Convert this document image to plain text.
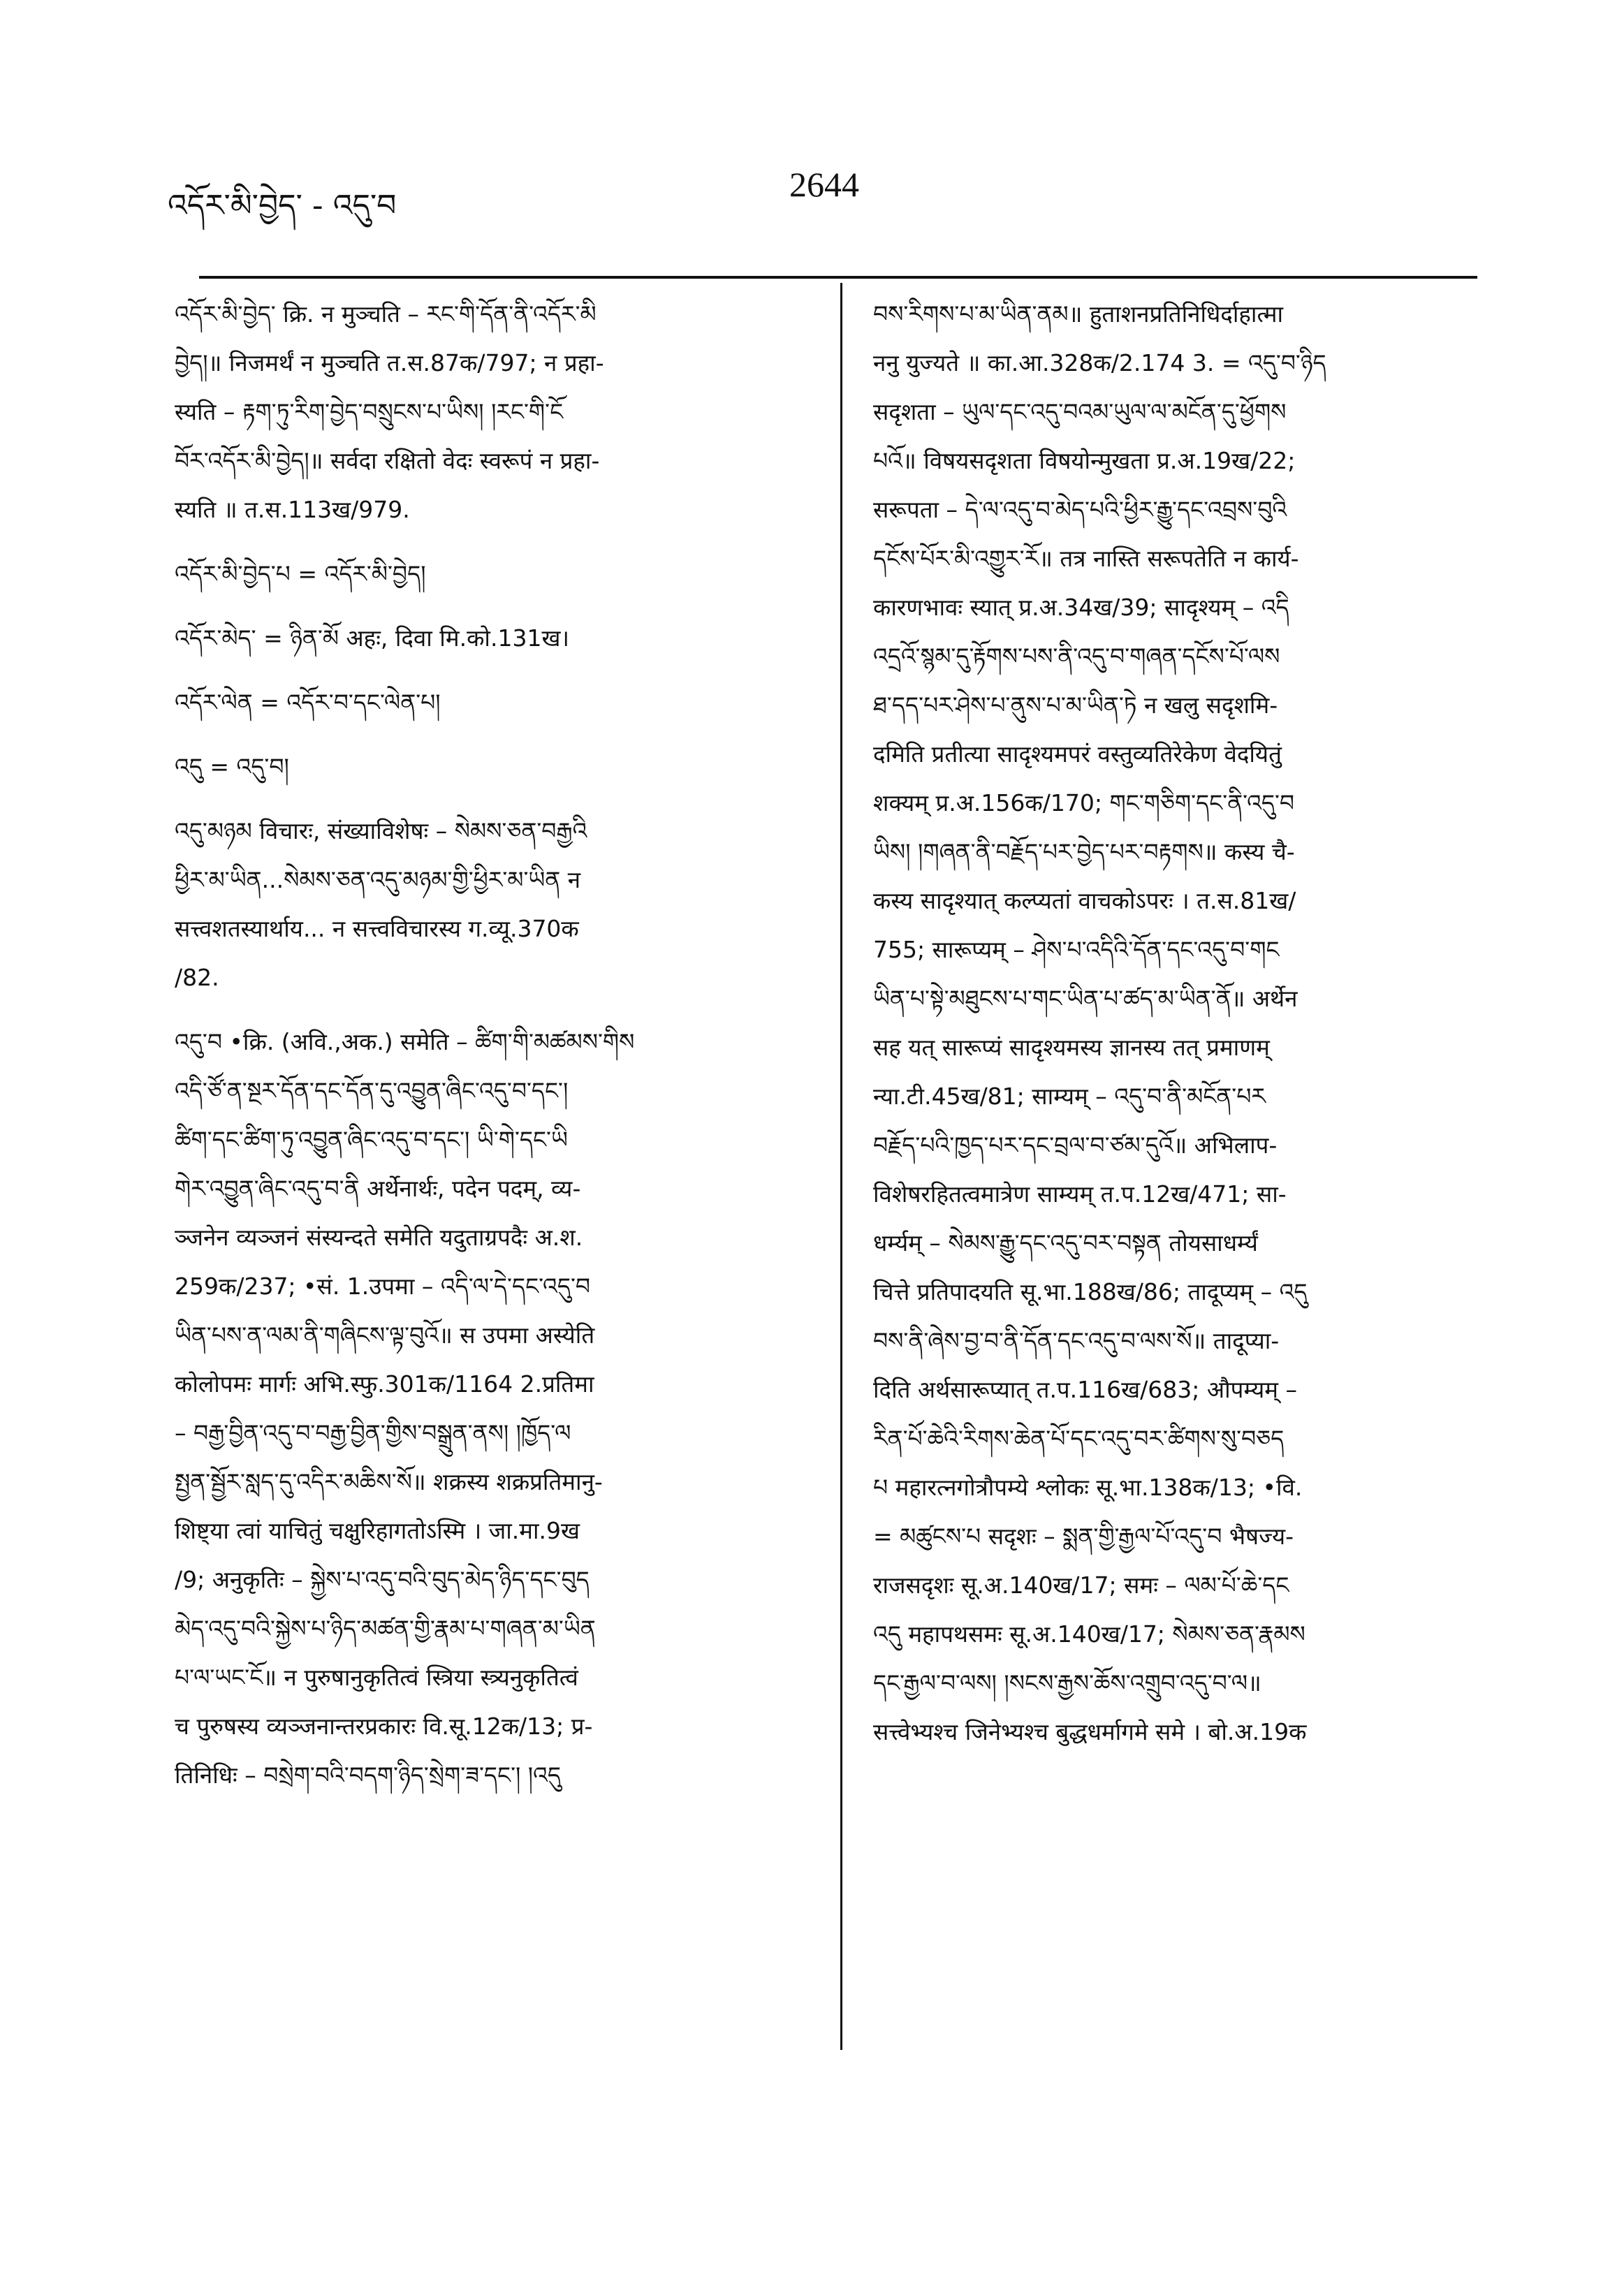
འདོར་མི་བྱེད་ - འདུ་བ
2644
འདོར་མི་བྱེད་ क्रि. न मुञ्चति – རང་གི་དོན་ནི་འདོར་མི
བྱེད།॥ निजमर्थं न मुञ्चति त.स.87क/797; न प्रहा-
स्यति – རྟག་ཏུ་རིག་བྱེད་བསྲུངས་པ་ཡིས། །རང་གི་ངོ
བོར་འདོར་མི་བྱེད།॥ सर्वदा रक्षितो वेदः स्वरूपं न प्रहा-
स्यति ॥ त.स.113ख/979.
འདོར་མི་བྱེད་པ = འདོར་མི་བྱེད།
འདོར་མེད་ = ཉིན་མོ अहः, दिवा मि.को.131ख।
འདོར་ལེན = འདོར་བ་དང་ལེན་པ།
འདུ = འདུ་བ།
འདུ་མཉམ विचारः, संख्याविशेषः – སེམས་ཅན་བརྒྱའི
ཕྱིར་མ་ཡིན...སེམས་ཅན་འདུ་མཉམ་གྱི་ཕྱིར་མ་ཡིན न
सत्त्वशतस्यार्थाय... न सत्त्वविचारस्य ग.व्यू.370क
/82.
འདུ་བ •क्रि. (अवि.,अक.) समेति – ཚིག་གི་མཚམས་གིས
འདི་ཙོ་ན་སྔར་དོན་དང་དོན་དུ་འབྱུན་ཞིང་འདུ་བ་དང་།
ཚིག་དང་ཚིག་ཏུ་འབྱུན་ཞིང་འདུ་བ་དང་། ཡི་གེ་དང་ཡི
གེར་འབྱུན་ཞིང་འདུ་བ་ནི अर्थेनार्थः, पदेन पदम्, व्य-
ञ्जनेन व्यञ्जनं संस्यन्दते समेति यदुताग्रपदैः अ.श.
259क/237; •सं. 1.उपमा – འདི་ལ་དེ་དང་འདུ་བ
ཡིན་པས་ན་ལམ་ནི་གཞིངས་ལྟ་བུའོ॥ स उपमा अस्येति
कोलोपमः मार्गः अभि.स्फु.301क/1164 2.प्रतिमा
– བརྒྱ་བྱིན་འདུ་བ་བརྒྱ་བྱིན་གྱིས་བསྒྲུན་ནས། །ཁྱོད་ལ
སྤྱན་སྦྱོར་སླད་དུ་འདིར་མཆིས་སོ॥ शक्रस्य शक्रप्रतिमानु-
शिष्ट्या त्वां याचितुं चक्षुरिहागतोऽस्मि । जा.मा.9ख
/9; अनुकृतिः – སྐྱེས་པ་འདུ་བའི་བུད་མེད་ཉིད་དང་བུད
མེད་འདུ་བའི་སྐྱེས་པ་ཉིད་མཚན་གྱི་རྣམ་པ་གཞན་མ་ཡིན
པ་ལ་ཡང་ངོ॥ न पुरुषानुकृतित्वं स्त्रिया स्त्र्यनुकृतित्वं
च पुरुषस्य व्यञ्जनान्तरप्रकारः वि.सू.12क/13; प्र-
तिनिधिः – བསྲེག་བའི་བདག་ཉིད་སྲེག་ཟ་དང་། །འདུ
བས་རིགས་པ་མ་ཡིན་ནམ॥ हुताशनप्रतिनिधिर्दाहात्मा
ननु युज्यते ॥ का.आ.328क/2.174 3. = འདུ་བ་ཉིད
सदृशता – ཡུལ་དང་འདུ་བའམ་ཡུལ་ལ་མངོན་དུ་ཕྱོགས
པའོ॥ विषयसदृशता विषयोन्मुखता प्र.अ.19ख/22;
सरूपता – དེ་ལ་འདུ་བ་མེད་པའི་ཕྱིར་རྒྱུ་དང་འབྲས་བུའི
དངོས་པོར་མི་འགྱུར་རོ॥ तत्र नास्ति सरूपतेति न कार्य-
कारणभावः स्यात् प्र.अ.34ख/39; सादृश्यम् – འདི
འདྲའོ་སྙམ་དུ་རྟོགས་པས་ནི་འདུ་བ་གཞན་དངོས་པོ་ལས
ཐ་དད་པར་ཤེས་པ་ནུས་པ་མ་ཡིན་ཏེ न खलु सदृशमि-
दमिति प्रतीत्या सादृश्यमपरं वस्तुव्यतिरेकेण वेदयितुं
शक्यम् प्र.अ.156क/170; གང་གཅིག་དང་ནི་འདུ་བ
ཡིས། །གཞན་ནི་བརྗོད་པར་བྱེད་པར་བརྟགས॥ कस्य चै-
कस्य सादृश्यात् कल्प्यतां वाचकोऽपरः । त.स.81ख/
755; सारूप्यम् – ཤེས་པ་འདིའི་དོན་དང་འདུ་བ་གང
ཡིན་པ་སྟེ་མཐུངས་པ་གང་ཡིན་པ་ཚད་མ་ཡིན་ནོ॥ अर्थेन
सह यत् सारूप्यं सादृश्यमस्य ज्ञानस्य तत् प्रमाणम्
न्या.टी.45ख/81; साम्यम् – འདུ་བ་ནི་མངོན་པར
བརྗོད་པའི་ཁྱད་པར་དང་བྲལ་བ་ཙམ་དུའོ॥ अभिलाप-
विशेषरहितत्वमात्रेण साम्यम् त.प.12ख/471; सा-
धर्म्यम् – སེམས་རྒྱུ་དང་འདུ་བར་བསྟན तोयसाधर्म्यं
चित्ते प्रतिपादयति सू.भा.188ख/86; तादूप्यम् – འདུ
བས་ནི་ཞེས་བྱ་བ་ནི་དོན་དང་འདུ་བ་ལས་སོ॥ तादूप्या-
दिति अर्थसारूप्यात् त.प.116ख/683; औपम्यम् –
རིན་པོ་ཆེའི་རིགས་ཆེན་པོ་དང་འདུ་བར་ཚིགས་སུ་བཅད
པ महारत्नगोत्रौपम्ये श्लोकः सू.भा.138क/13; •वि.
= མཚུངས་པ सदृशः – སྨན་གྱི་རྒྱལ་པོ་འདུ་བ भैषज्य-
राजसदृशः सू.अ.140ख/17; समः – ལམ་པོ་ཆེ་དང
འདུ महापथसमः सू.अ.140ख/17; སེམས་ཅན་རྣམས
དང་རྒྱལ་བ་ལས། །སངས་རྒྱས་ཆོས་འགྲུབ་འདུ་བ་ལ॥
सत्त्वेभ्यश्च जिनेभ्यश्च बुद्धधर्मागमे समे । बो.अ.19क
